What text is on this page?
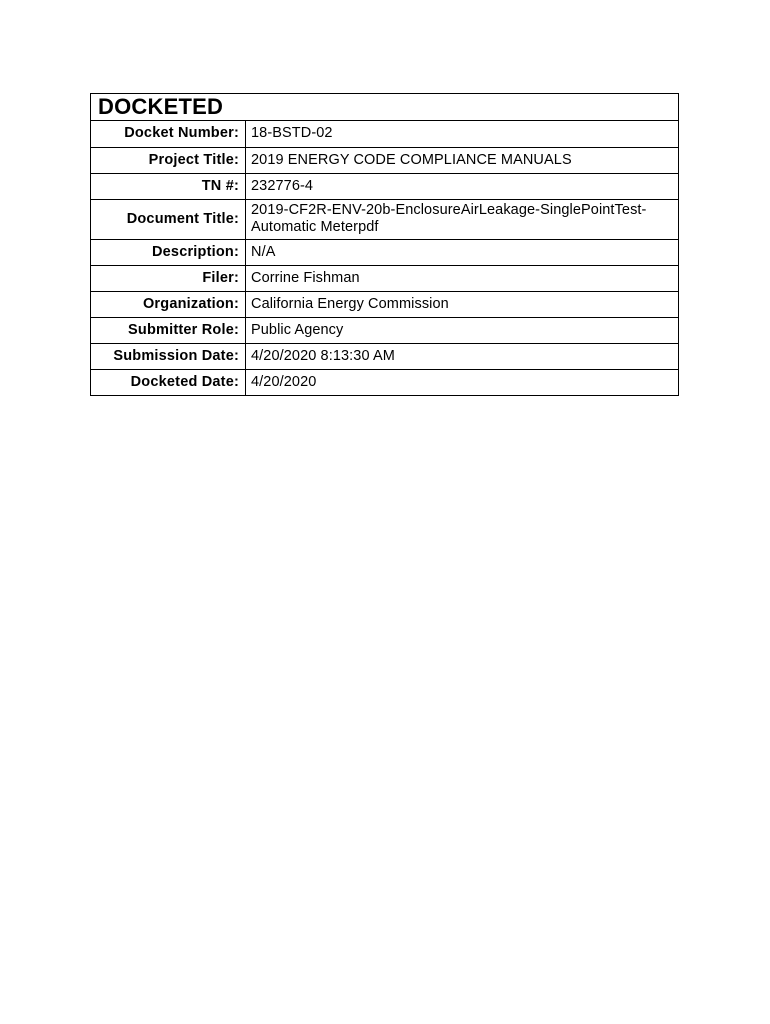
DOCKETED
Docket Number:	18-BSTD-02
Project Title:	2019 ENERGY CODE COMPLIANCE MANUALS
TN #:	232776-4
Document Title:	2019-CF2R-ENV-20b-EnclosureAirLeakage-SinglePointTest-
Automatic Meterpdf
Description:	N/A
Filer:	Corrine Fishman
Organization:	California Energy Commission
Submitter Role:	Public Agency
Submission Date:	4/20/2020 8:13:30 AM
Docketed Date:	4/20/2020
